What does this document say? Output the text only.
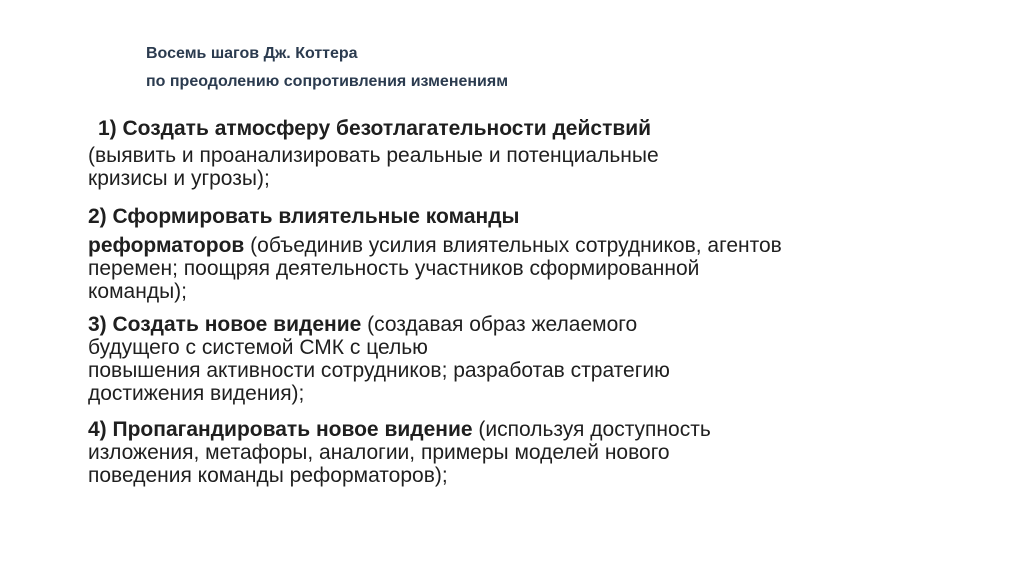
Восемь шагов Дж. Коттера
по преодолению сопротивления изменениям
1) Создать атмосферу безотлагательности действий
(выявить и проанализировать реальные и потенциальные
кризисы и угрозы);
2) Сформировать влиятельные команды
реформаторов (объединив усилия влиятельных сотрудников, агентов
перемен; поощряя деятельность участников сформированной
команды);
3) Создать новое видение (создавая образ желаемого
будущего с системой СМК с целью
повышения активности сотрудников; разработав стратегию
достижения видения);
4) Пропагандировать новое видение (используя доступность
изложения, метафоры, аналогии, примеры моделей нового
поведения команды реформаторов);
